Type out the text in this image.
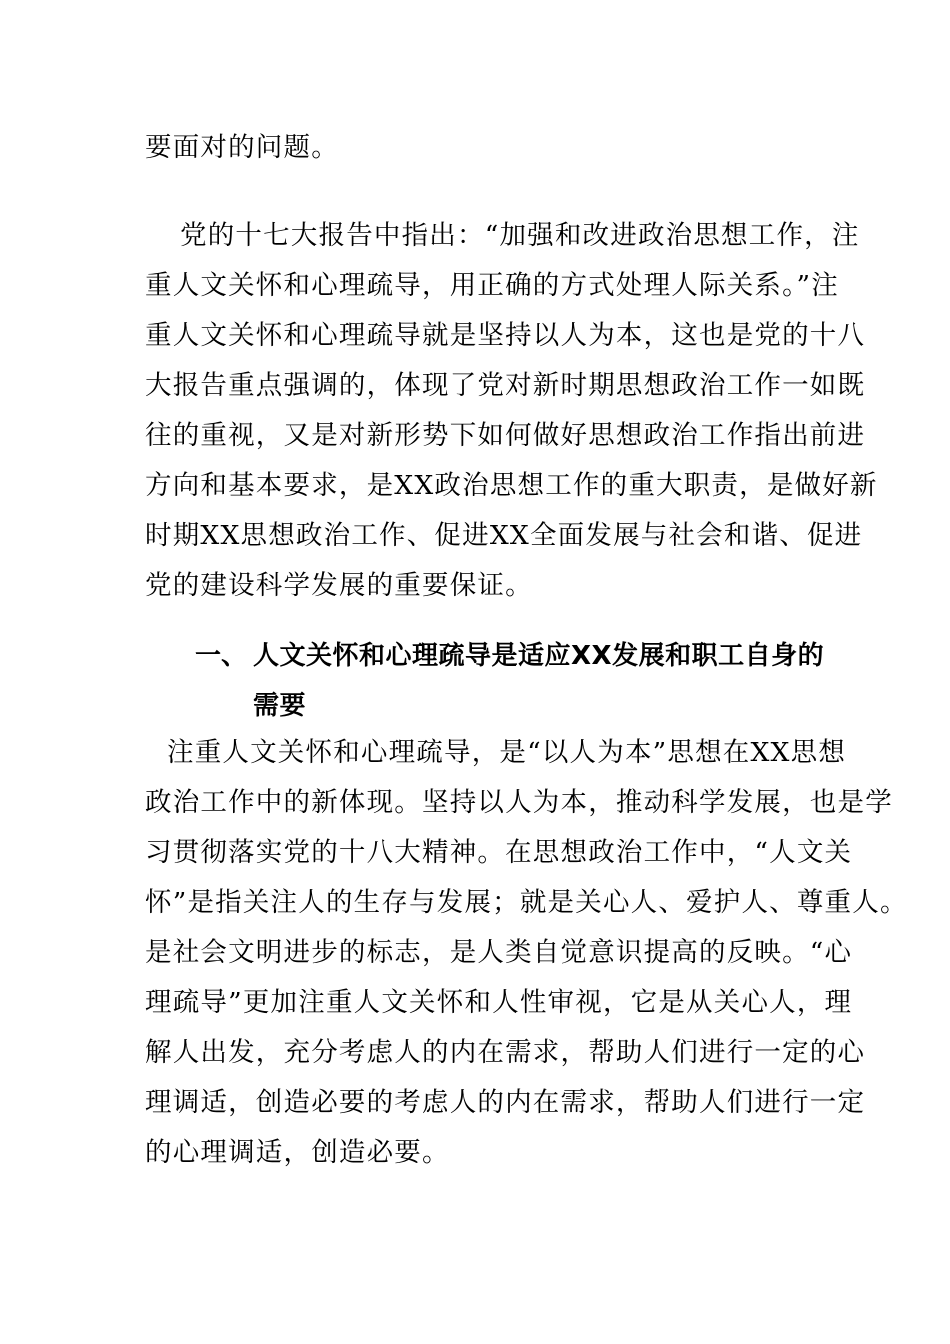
要面对的问题。
党的十七大报告中指出：“加强和改进政治思想工作，注
重人文关怀和心理疏导，用正确的方式处理人际关系。”注
重人文关怀和心理疏导就是坚持以人为本，这也是党的十八
大报告重点强调的，体现了党对新时期思想政治工作一如既
往的重视，又是对新形势下如何做好思想政治工作指出前进
方向和基本要求，是XX政治思想工作的重大职责，是做好新
时期XX思想政治工作、促进XX全面发展与社会和谐、促进
党的建设科学发展的重要保证。
一、 人文关怀和心理疏导是适应XX发展和职工自身的
需要
注重人文关怀和心理疏导，是“以人为本”思想在XX思想
政治工作中的新体现。坚持以人为本，推动科学发展，也是学
习贯彻落实党的十八大精神。在思想政治工作中，“人文关
怀”是指关注人的生存与发展；就是关心人、爱护人、尊重人。
是社会文明进步的标志，是人类自觉意识提高的反映。“心
理疏导”更加注重人文关怀和人性审视，它是从关心人，理
解人出发，充分考虑人的内在需求，帮助人们进行一定的心
理调适，创造必要的考虑人的内在需求，帮助人们进行一定
的心理调适，创造必要。
